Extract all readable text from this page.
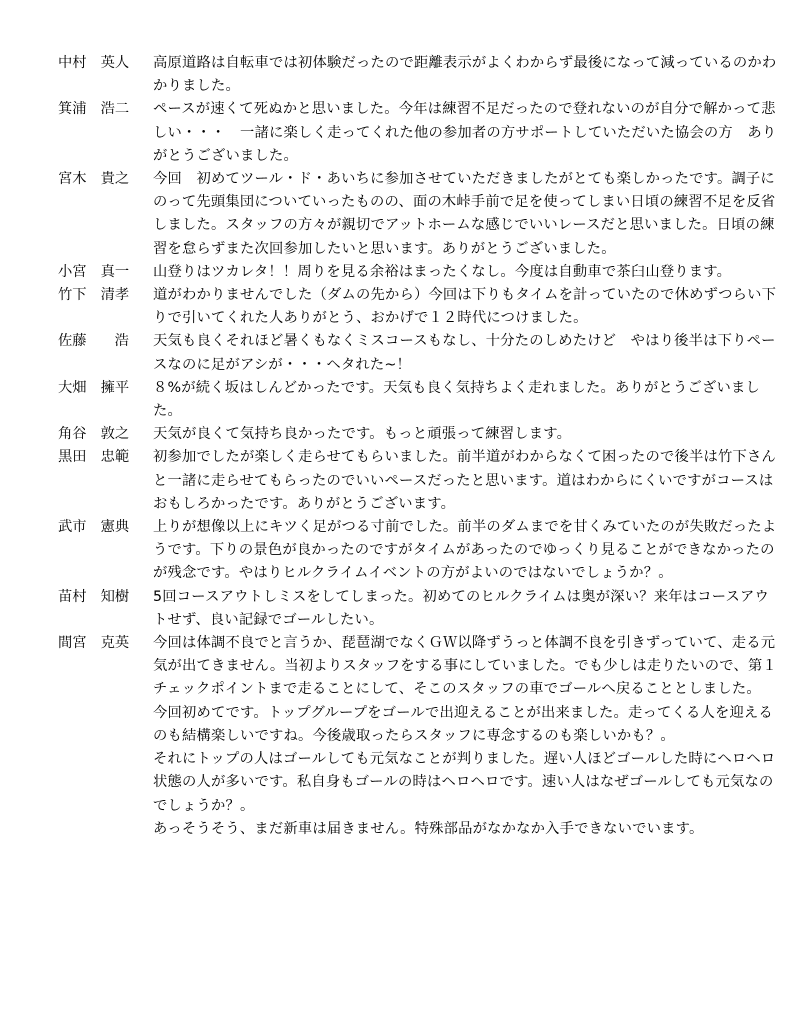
中村 英人	高原道路は自転車では初体験だったので距離表示がよくわからず最後になって減っているのかわかりました。
箕浦 浩二	ペースが速くて死ぬかと思いました。今年は練習不足だったので登れないのが自分で解かって悲しい・・・　一諸に楽しく走ってくれた他の参加者の方サポートしていただいた協会の方　ありがとうございました。
宮木 貴之	今回　初めてツール・ド・あいちに参加させていただきましたがとても楽しかったです。調子にのって先頭集団についていったものの、面の木峠手前で足を使ってしまい日頃の練習不足を反省しました。スタッフの方々が親切でアットホームな感じでいいレースだと思いました。日頃の練習を怠らずまた次回参加したいと思います。ありがとうございました。
小宮 真一	山登りはツカレタ！！周りを見る余裕はまったくなし。今度は自動車で茶臼山登ります。
竹下 清孝	道がわかりませんでした（ダムの先から）今回は下りもタイムを計っていたので休めずつらい下りで引いてくれた人ありがとう、おかげで１２時代につけました。
佐藤 浩	天気も良くそれほど暑くもなくミスコースもなし、十分たのしめたけど　やはり後半は下りペースなのに足がアシが・・・ヘタれた~！
大畑 擁平	８%が続く坂はしんどかったです。天気も良く気持ちよく走れました。ありがとうございました。
角谷 敦之	天気が良くて気持ち良かったです。もっと頑張って練習します。
黒田 忠範	初参加でしたが楽しく走らせてもらいました。前半道がわからなくて困ったので後半は竹下さんと一諸に走らせてもらったのでいいペースだったと思います。道はわからにくいですがコースはおもしろかったです。ありがとうございます。
武市 憲典	上りが想像以上にキツく足がつる寸前でした。前半のダムまでを甘くみていたのが失敗だったようです。下りの景色が良かったのですがタイムがあったのでゆっくり見ることができなかったのが残念です。やはりヒルクライムイベントの方がよいのではないでしょうか？。
苗村 知樹	5回コースアウトしミスをしてしまった。初めてのヒルクライムは奥が深い？来年はコースアウトせず、良い記録でゴールしたい。
間宮 克英	今回は体調不良でと言うか、琵琶湖でなくＧＷ以降ずうっと体調不良を引きずっていて、走る元気が出てきません。当初よりスタッフをする事にしていました。でも少しは走りたいので、第１チェックポイントまで走ることにして、そこのスタッフの車でゴールへ戻ることとしました。
今回初めてです。トップグループをゴールで出迎えることが出来ました。走ってくる人を迎えるのも結構楽しいですね。今後歳取ったらスタッフに専念するのも楽しいかも？。
それにトップの人はゴールしても元気なことが判りました。遅い人ほどゴールした時にヘロヘロ状態の人が多いです。私自身もゴールの時はヘロヘロです。速い人はなぜゴールしても元気なのでしょうか？。
あっそうそう、まだ新車は届きません。特殊部品がなかなか入手できないでいます。
